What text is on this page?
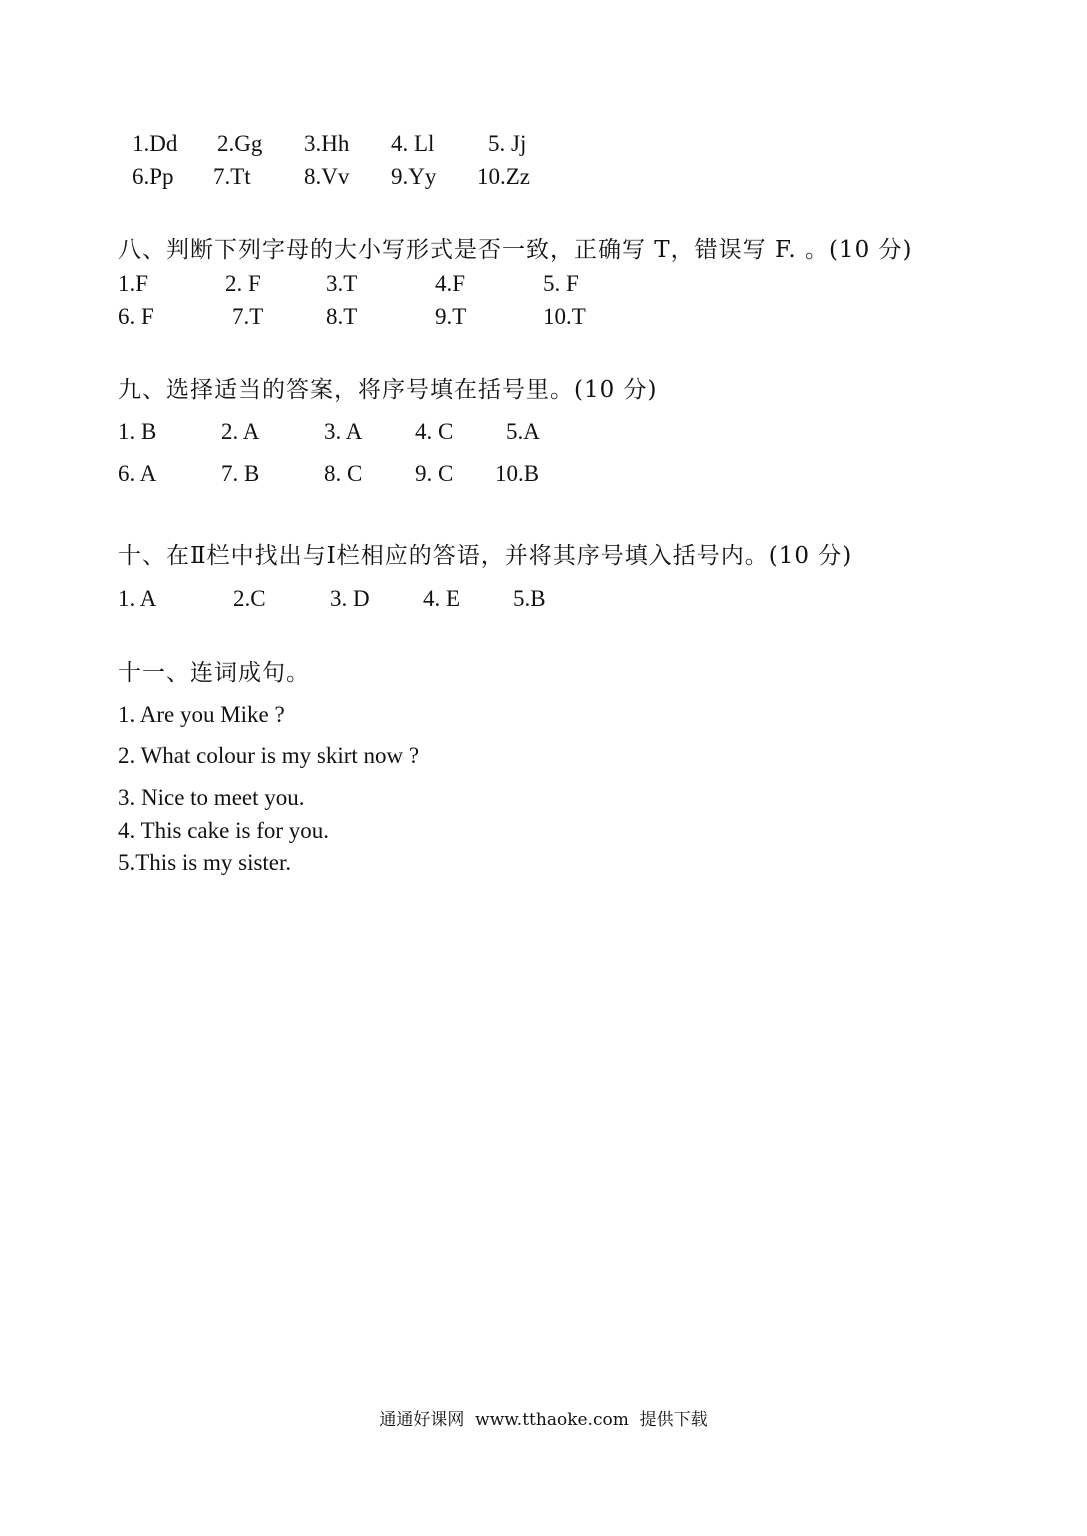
1.Dd 2.Gg 3.Hh 4. Ll 5. Jj
6.Pp 7.Tt 8.Vv 9.Yy 10.Zz
八、判断下列字母的大小写形式是否一致，正确写 T，错误写 F. 。(10 分)
1.F	2. F	3.T	4.F	5. F
6. F	7.T	8.T	9.T	10.T
九、选择适当的答案，将序号填在括号里。(10 分)
1. B	2. A	3. A 4. C 5.A
6. A	7. B	8. C 9. C 10.B
十、在Ⅱ栏中找出与Ⅰ栏相应的答语，并将其序号填入括号内。(10 分)
1. A	2.C	3. D 4. E 5.B
十一、连词成句。
1. Are you Mike ?
2. What colour is my skirt now ?
3. Nice to meet you.
4. This cake is for you.
5.This is my sister.
通通好课网  www.tthaoke.com  提供下载
